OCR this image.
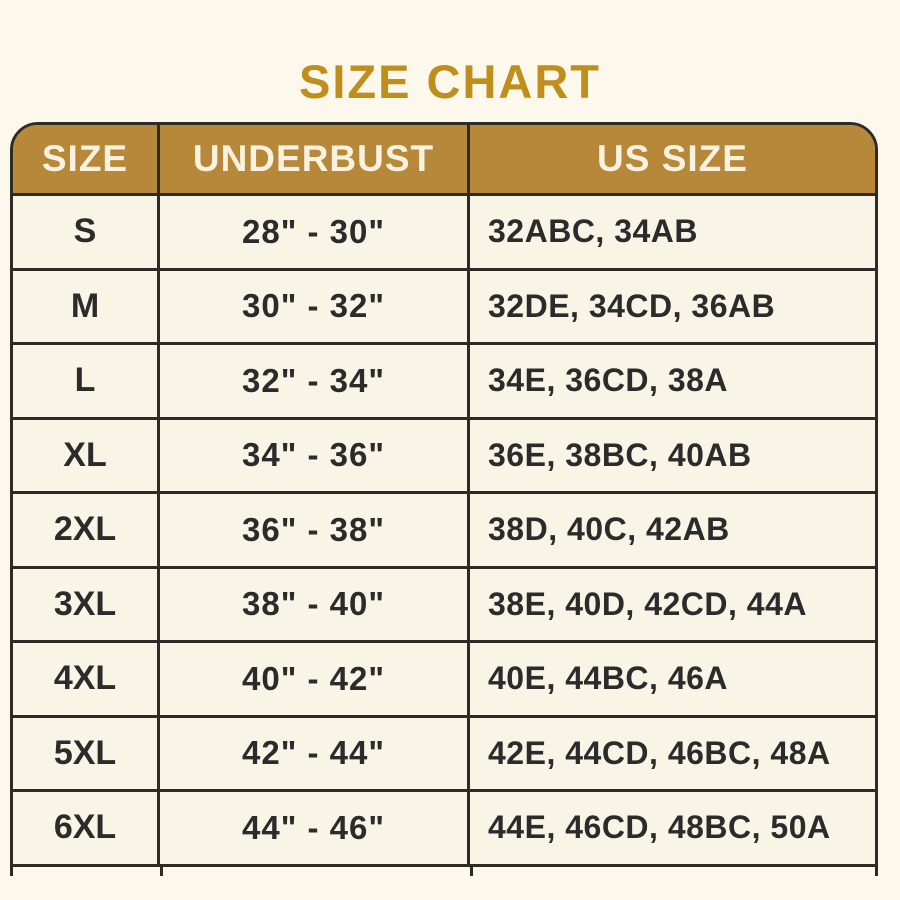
SIZE CHART
SIZE	UNDERBUST	US SIZE
S	28" - 30"	32ABC, 34AB
M	30" - 32"	32DE, 34CD, 36AB
L	32" - 34"	34E, 36CD, 38A
XL	34" - 36"	36E, 38BC, 40AB
2XL	36" - 38"	38D, 40C, 42AB
3XL	38" - 40"	38E, 40D, 42CD, 44A
4XL	40" - 42"	40E, 44BC, 46A
5XL	42" - 44"	42E, 44CD, 46BC, 48A
6XL	44" - 46"	44E, 46CD, 48BC, 50A
